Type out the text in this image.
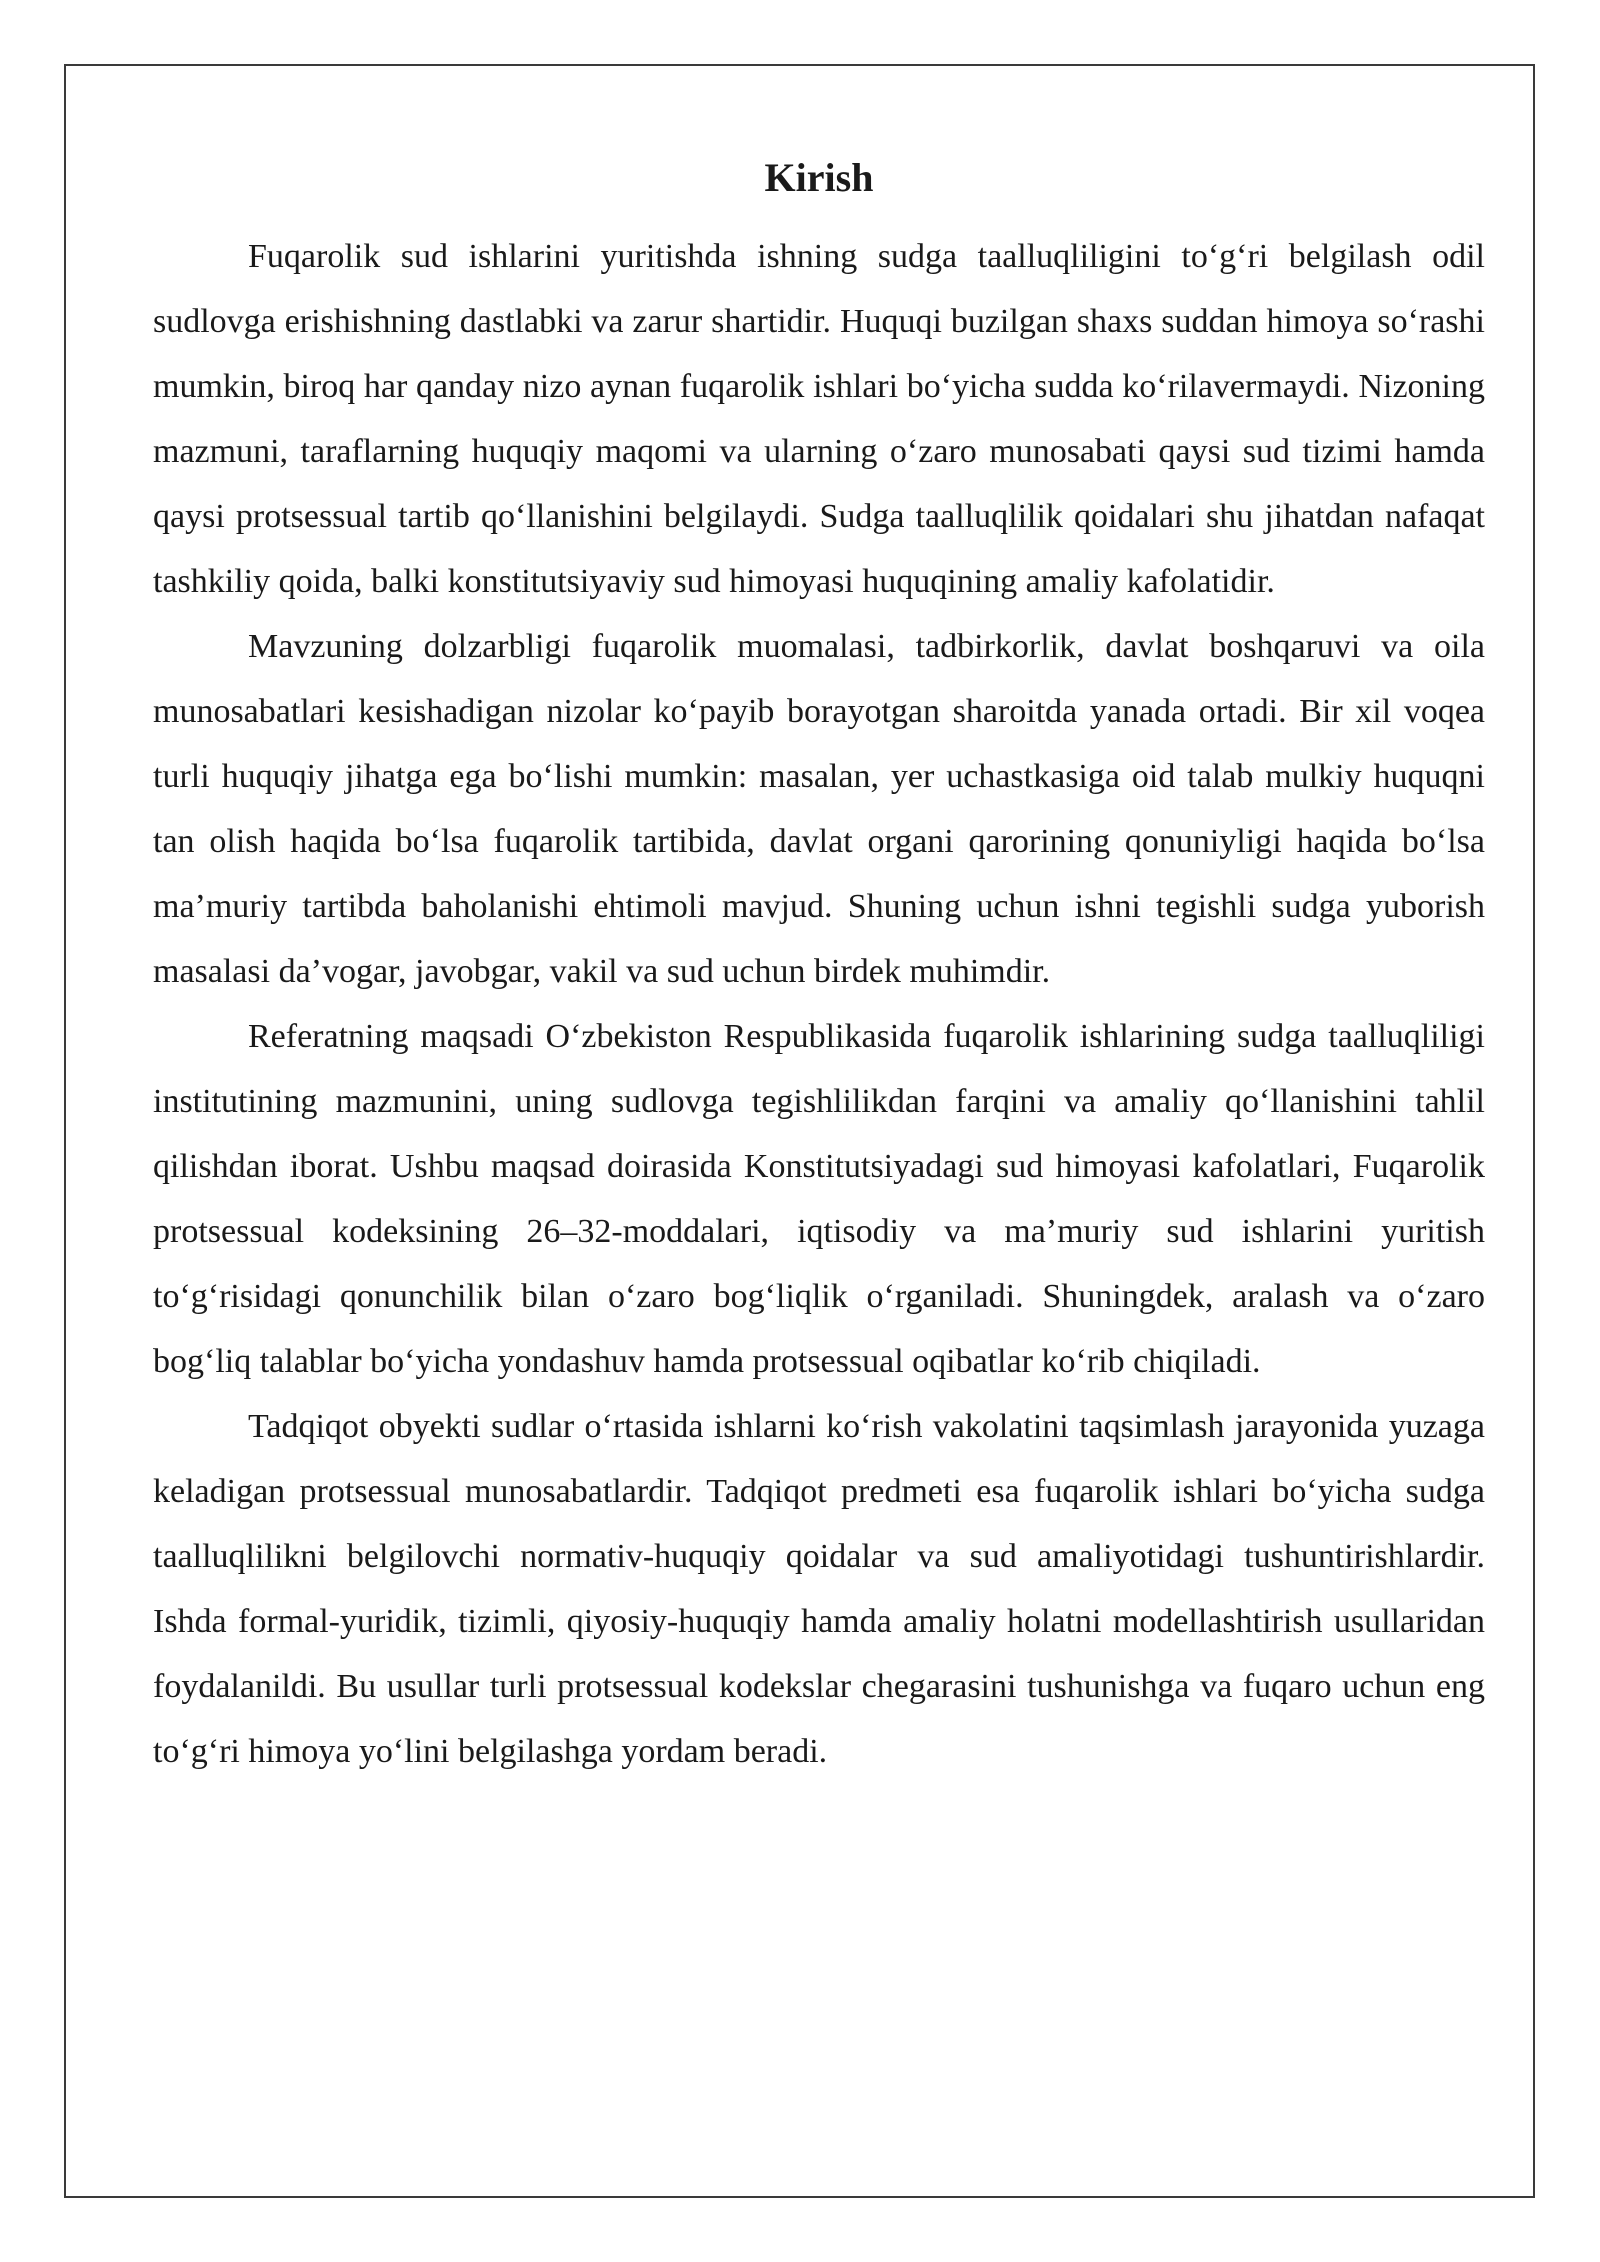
Kirish

Fuqarolik sud ishlarini yuritishda ishning sudga taalluqliligini to‘g‘ri belgilash odil sudlovga erishishning dastlabki va zarur shartidir. Huquqi buzilgan shaxs suddan himoya so‘rashi mumkin, biroq har qanday nizo aynan fuqarolik ishlari bo‘yicha sudda ko‘rilavermaydi. Nizoning mazmuni, taraflarning huquqiy maqomi va ularning o‘zaro munosabati qaysi sud tizimi hamda qaysi protsessual tartib qo‘llanishini belgilaydi. Sudga taalluqlilik qoidalari shu jihatdan nafaqat tashkiliy qoida, balki konstitutsiyaviy sud himoyasi huquqining amaliy kafolatidir.

Mavzuning dolzarbligi fuqarolik muomalasi, tadbirkorlik, davlat boshqaruvi va oila munosabatlari kesishadigan nizolar ko‘payib borayotgan sharoitda yanada ortadi. Bir xil voqea turli huquqiy jihatga ega bo‘lishi mumkin: masalan, yer uchastkasiga oid talab mulkiy huquqni tan olish haqida bo‘lsa fuqarolik tartibida, davlat organi qarorining qonuniyligi haqida bo‘lsa ma’muriy tartibda baholanishi ehtimoli mavjud. Shuning uchun ishni tegishli sudga yuborish masalasi da’vogar, javobgar, vakil va sud uchun birdek muhimdir.

Referatning maqsadi O‘zbekiston Respublikasida fuqarolik ishlarining sudga taalluqliligi institutining mazmunini, uning sudlovga tegishlilikdan farqini va amaliy qo‘llanishini tahlil qilishdan iborat. Ushbu maqsad doirasida Konstitutsiyadagi sud himoyasi kafolatlari, Fuqarolik protsessual kodeksining 26–32-moddalari, iqtisodiy va ma’muriy sud ishlarini yuritish to‘g‘risidagi qonunchilik bilan o‘zaro bog‘liqlik o‘rganiladi. Shuningdek, aralash va o‘zaro bog‘liq talablar bo‘yicha yondashuv hamda protsessual oqibatlar ko‘rib chiqiladi.

Tadqiqot obyekti sudlar o‘rtasida ishlarni ko‘rish vakolatini taqsimlash jarayonida yuzaga keladigan protsessual munosabatlardir. Tadqiqot predmeti esa fuqarolik ishlari bo‘yicha sudga taalluqlilikni belgilovchi normativ-huquqiy qoidalar va sud amaliyotidagi tushuntirishlardir. Ishda formal-yuridik, tizimli, qiyosiy-huquqiy hamda amaliy holatni modellashtirish usullaridan foydalanildi. Bu usullar turli protsessual kodekslar chegarasini tushunishga va fuqaro uchun eng to‘g‘ri himoya yo‘lini belgilashga yordam beradi.
